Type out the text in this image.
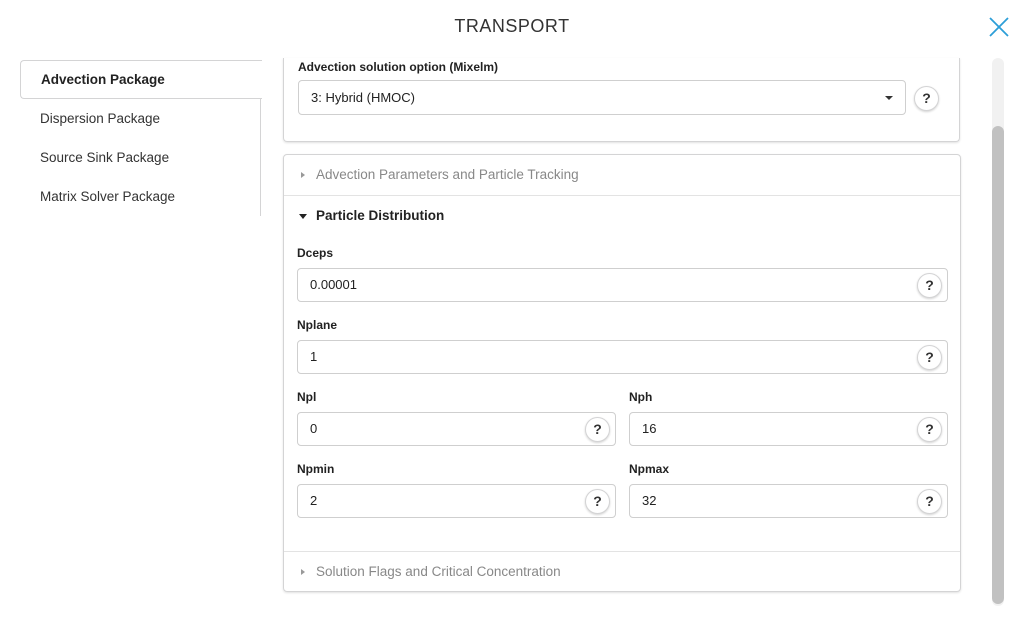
TRANSPORT
Advection Package
Dispersion Package
Source Sink Package
Matrix Solver Package
Advection solution option (Mixelm)
3: Hybrid (HMOC)	?
Advection Parameters and Particle Tracking
Particle Distribution
Dceps
0.00001	?
Nplane
1	?
Npl
0	?
Nph
16	?
Npmin
2	?
Npmax
32	?
Solution Flags and Critical Concentration
